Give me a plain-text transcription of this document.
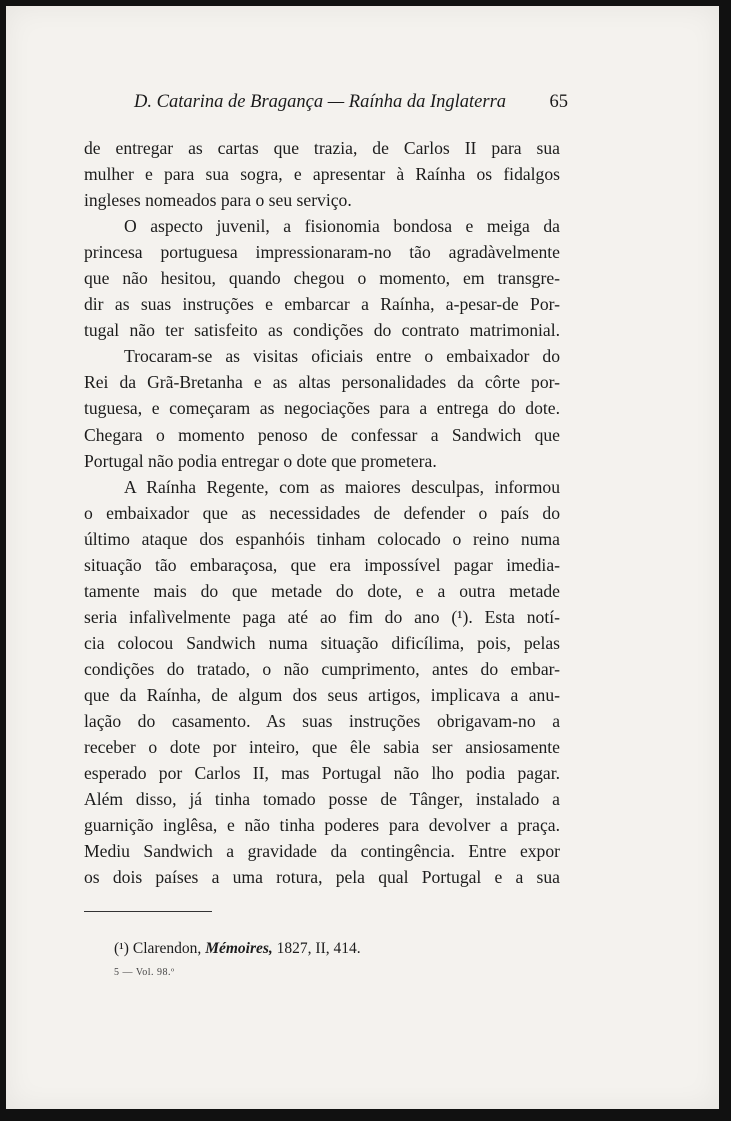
D. Catarina de Bragança — Raínha da Inglaterra 65
de entregar as cartas que trazia, de Carlos II para sua
mulher e para sua sogra, e apresentar à Raínha os fidalgos
ingleses nomeados para o seu serviço.
O aspecto juvenil, a fisionomia bondosa e meiga da
princesa portuguesa impressionaram-no tão agradàvelmente
que não hesitou, quando chegou o momento, em transgre-
dir as suas instruções e embarcar a Raínha, a-pesar-de Por-
tugal não ter satisfeito as condições do contrato matrimonial.
Trocaram-se as visitas oficiais entre o embaixador do
Rei da Grã-Bretanha e as altas personalidades da côrte por-
tuguesa, e começaram as negociações para a entrega do dote.
Chegara o momento penoso de confessar a Sandwich que
Portugal não podia entregar o dote que prometera.
A Raínha Regente, com as maiores desculpas, informou
o embaixador que as necessidades de defender o país do
último ataque dos espanhóis tinham colocado o reino numa
situação tão embaraçosa, que era impossível pagar imedia-
tamente mais do que metade do dote, e a outra metade
seria infalìvelmente paga até ao fim do ano (¹). Esta notí-
cia colocou Sandwich numa situação dificílima, pois, pelas
condições do tratado, o não cumprimento, antes do embar-
que da Raínha, de algum dos seus artigos, implicava a anu-
lação do casamento. As suas instruções obrigavam-no a
receber o dote por inteiro, que êle sabia ser ansiosamente
esperado por Carlos II, mas Portugal não lho podia pagar.
Além disso, já tinha tomado posse de Tânger, instalado a
guarnição inglêsa, e não tinha poderes para devolver a praça.
Mediu Sandwich a gravidade da contingência. Entre expor
os dois países a uma rotura, pela qual Portugal e a sua
(¹) Clarendon, Mémoires, 1827, II, 414.
5 — Vol. 98.º
